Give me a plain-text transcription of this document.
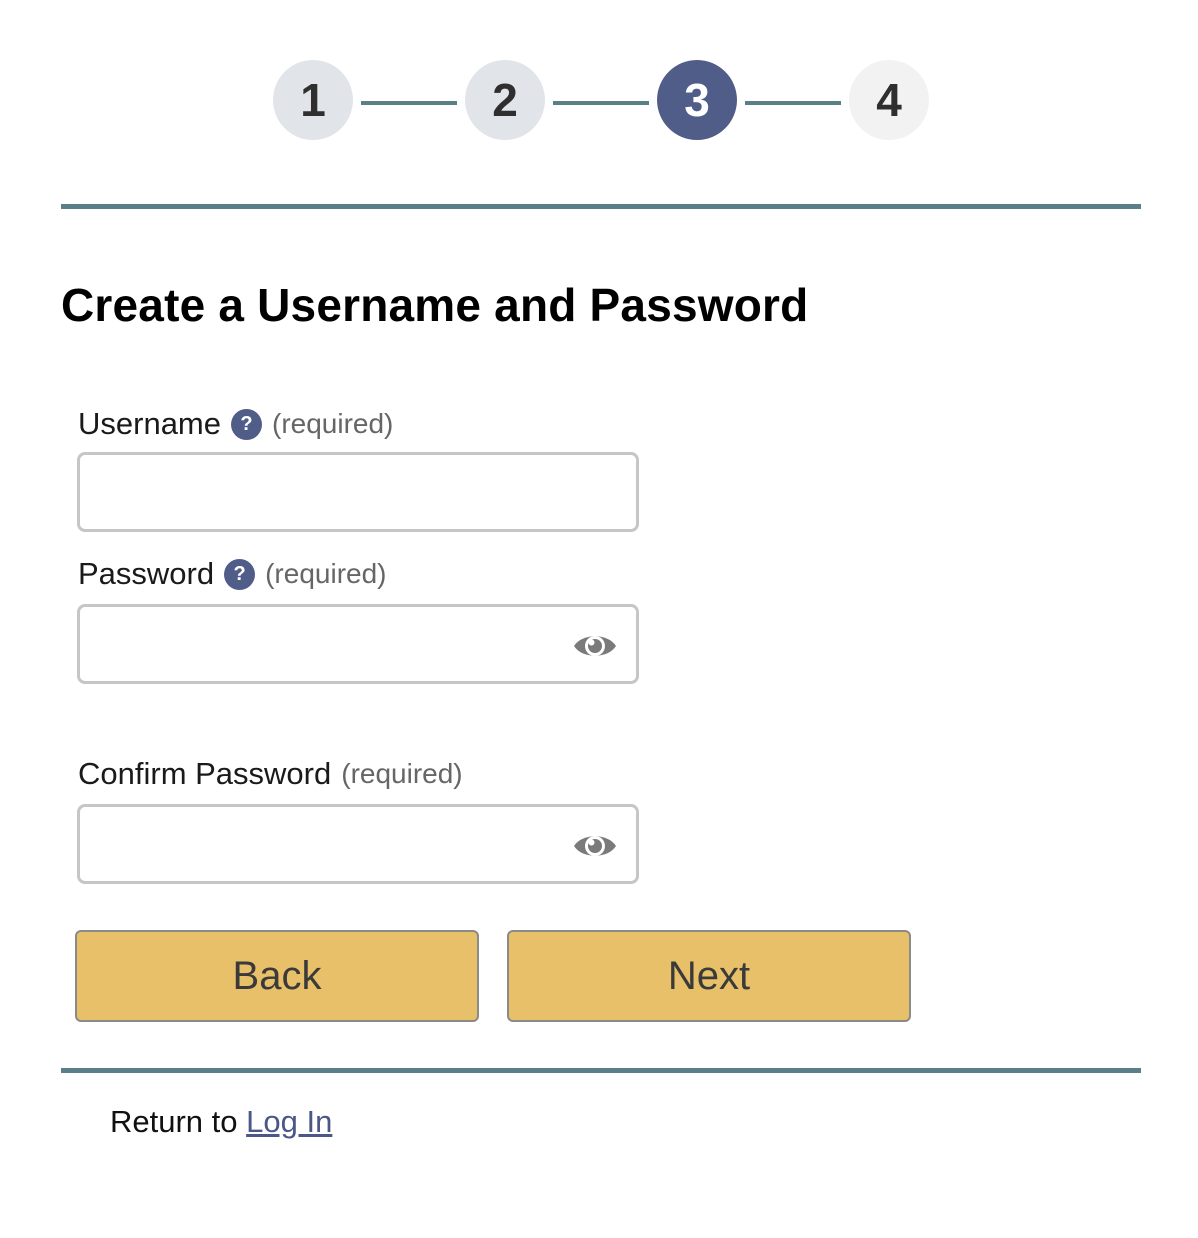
1	2	3	4
Create a Username and Password
Username ? (required)
Password ? (required)
Confirm Password (required)
Back	Next
Return to Log In
